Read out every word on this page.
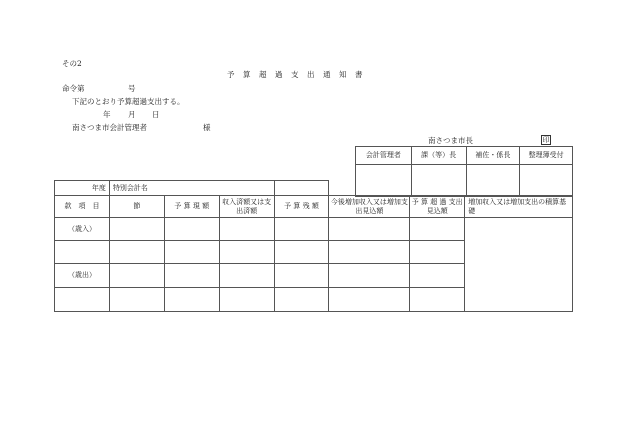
その2
予算超過支出通知書
命令第	号
下記のとおり予算超過支出する。
年 月 日
南さつま市会計管理者	様
南さつま市長	印
会計管理者	課（等）長	補佐・係長	整理簿受付

年度	特別会計名						
款　項　目	節	予 算 現 額	収入済額又は支出済額	予 算 残 額	今後増加収入又は増加支出見込額	予 算 超 過 支出見込額	増加収入又は増加支出の積算基礎
（歳入）							

（歳出）							
